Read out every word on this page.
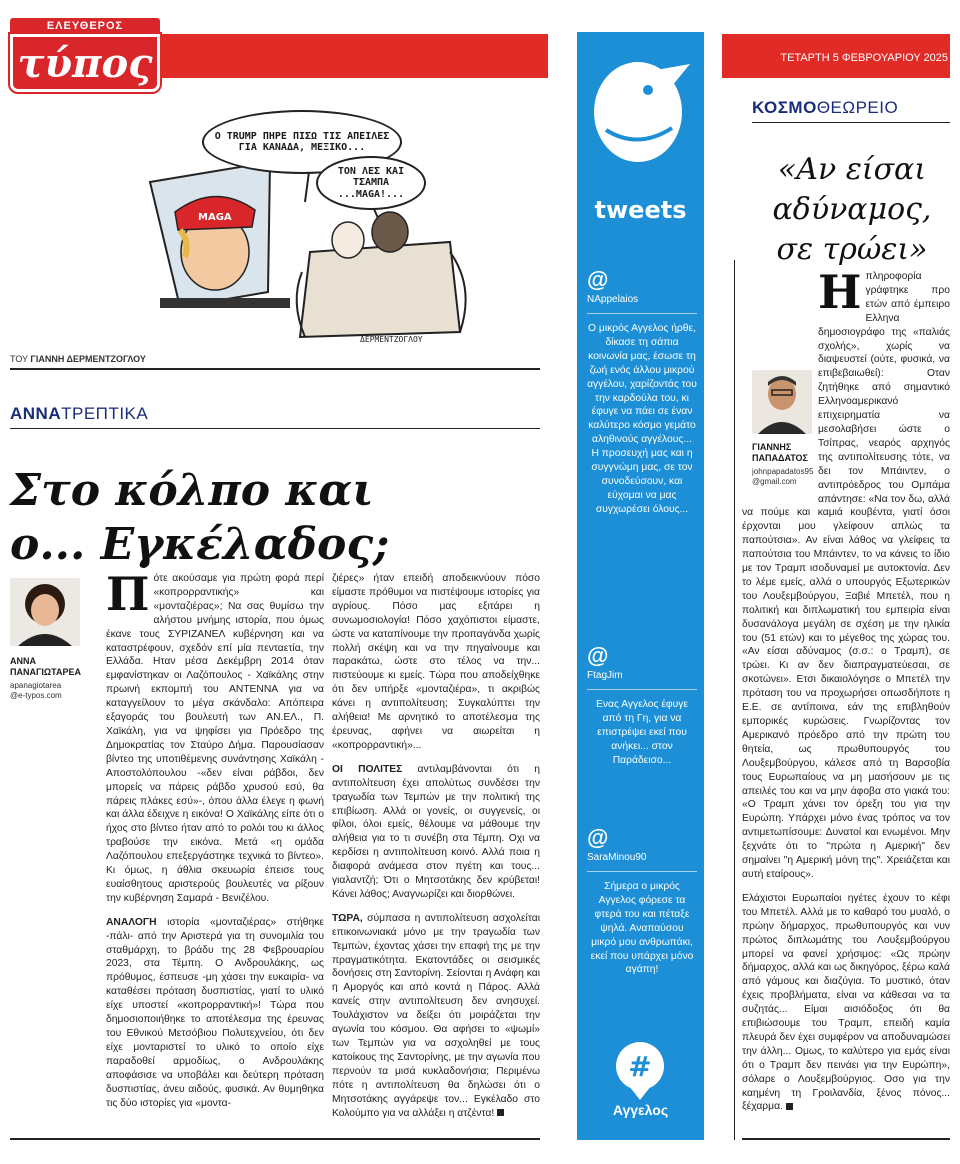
ΕΛΕΥΘΕΡΟΣ
τύπος	ΤΕΤΑΡΤΗ 5 ΦΕΒΡΟΥΑΡΙΟΥ 2025
MAGA
ΔΕΡΜΕΝΤΖΟΓΛΟΥ
Ο TRUMP ΠΗΡΕ ΠΙΣΩ ΤΙΣ ΑΠΕΙΛΕΣ ΓΙΑ ΚΑΝΑΔΑ, ΜΕΞΙΚΟ...
ΤΟΝ ΛΕΣ ΚΑΙ ΤΣΑΜΠΑ ...MAGA!...
ΤΟΥ ΓΙΑΝΝΗ ΔΕΡΜΕΝΤΖΟΓΛΟΥ
ΑΝΝΑΤΡΕΠΤΙΚΑ
Στο κόλπο και
ο... Εγκέλαδος;
ΑΝΝΑ
ΠΑΝΑΓΙΩΤΑΡΕΑ
apanagiotarea
@e-typos.com

Πότε ακούσαμε για πρώτη φορά περί «κοπρορραντικής» και «μονταζιέρας»; Να σας θυμίσω την αλήστου μνήμης ιστορία, που όμως έκανε τους ΣΥΡΙΖΑΝΕΛ κυβέρνηση και να καταστρέφουν, σχεδόν επί μία πενταετία, την Ελλάδα. Ηταν μέσα Δεκέμβρη 2014 όταν εμφανίστηκαν οι Λαζόπουλος - Χαϊκάλης στην πρωινή εκπομπή του ΑΝΤΕΝΝΑ για να καταγγείλουν το μέγα σκάνδαλο: Απόπειρα εξαγοράς του βουλευτή των ΑΝ.ΕΛ., Π. Χαϊκάλη, για να ψηφίσει για Πρόεδρο της Δημοκρατίας τον Σταύρο Δήμα. Παρουσίασαν βίντεο της υποτιθέμενης συνάντησης Χαϊκάλη - Αποστολόπουλου -«δεν είναι ράβδοι, δεν μπορείς να πάρεις ράβδο χρυσού εσύ, θα πάρεις πλάκες εσύ»-, όπου άλλα έλεγε η φωνή και άλλα έδειχνε η εικόνα! Ο Χαϊκάλης είπε ότι ο ήχος στο βίντεο ήταν από το ρολόι του κι άλλος τραβούσε την εικόνα. Μετά «η ομάδα Λαζόπουλου επεξεργάστηκε τεχνικά το βίντεο». Κι όμως, η άθλια σκευωρία έπεισε τους ευαίσθητους αριστερούς βουλευτές να ρίξουν την κυβέρνηση Σαμαρά - Βενιζέλου.

ΑΝΑΛΟΓΗ ιστορία «μονταζιέρας» στήθηκε -πάλι- από την Αριστερά για τη συνομιλία του σταθμάρχη, το βράδυ της 28 Φεβρουαρίου 2023, στα Τέμπη. Ο Ανδρουλάκης, ως πρόθυμος, έσπευσε -μη χάσει την ευκαιρία- να καταθέσει πρόταση δυσπιστίας, γιατί το υλικό είχε υποστεί «κοπρορραντική»! Τώρα που δημοσιοποιήθηκε το αποτέλεσμα της έρευνας του Εθνικού Μετσόβιου Πολυτεχνείου, ότι δεν είχε μονταριστεί το υλικό το οποίο είχε παραδοθεί αρμοδίως, ο Ανδρουλάκης αποφάσισε να υποβάλει και δεύτερη πρόταση δυσπιστίας, άνευ αιδούς, φυσικά. Αν θυμηθηκα τις δύο ιστορίες για «μοντα-

ζιέρες» ήταν επειδή αποδεικνύουν πόσο είμαστε πρόθυμοι να πιστέψουμε ιστορίες για αγρίους. Πόσο μας εξιτάρει η συνωμοσιολογία! Πόσο χαχόπιστοι είμαστε, ώστε να καταπίνουμε την προπαγάνδα χωρίς πολλή σκέψη και να την πηγαίνουμε και παρακάτω, ώστε στο τέλος να την... πιστεύουμε κι εμείς. Τώρα που αποδείχθηκε ότι δεν υπήρξε «μονταζιέρα», τι ακριβώς κάνει η αντιπολίτευση; Συγκαλύπτει την αλήθεια! Με αρνητικό το αποτέλεσμα της έρευνας, αφήνει να αιωρείται η «κοπρορραντική»...

ΟΙ ΠΟΛΙΤΕΣ αντιλαμβάνονται ότι η αντιπολίτευση έχει απολύτως συνδέσει την τραγωδία των Τεμπών με την πολιτική της επιβίωση. Αλλά οι γονείς, οι συγγενείς, οι φίλοι, όλοι εμείς, θέλουμε να μάθουμε την αλήθεια για το τι συνέβη στα Τέμπη. Οχι να κερδίσει η αντιπολίτευση κοινό. Αλλά ποια η διαφορά ανάμεσα στον πγέτη και τους... γιαλαντζή; Ότι ο Μητσοτάκης δεν κρύβεται! Κάνει λάθος; Αναγνωρίζει και διορθώνει.

ΤΩΡΑ, σύμπασα η αντιπολίτευση ασχολείται επικοινωνιακά μόνο με την τραγωδία των Τεμπών, έχοντας χάσει την επαφή της με την πραγματικότητα. Εκατοντάδες οι σεισμικές δονήσεις στη Σαντορίνη. Σείονται η Ανάφη και η Αμοργός και από κοντά η Πάρος. Αλλά κανείς στην αντιπολίτευση δεν ανησυχεί. Τουλάχιστον να δείξει ότι μοιράζεται την αγωνία του κόσμου. Θα αφήσει το «ψωμί» των Τεμπών για να ασχοληθεί με τους κατοίκους της Σαντορίνης, με την αγωνία που περνούν τα μισά κυκλαδονήσια; Περιμένω πότε η αντιπολίτευση θα δηλώσει ότι ο Μητσοτάκης αγγάρεψε τον... Εγκέλαδο στο Κολούμπο για να αλλάξει η ατζέντα!

tweets
@
NAppelaios
Ο μικρός Αγγελος ήρθε, δίκασε τη σάπια κοινωνία μας, έσωσε τη ζωή ενός άλλου μικρού αγγέλου, χαρίζοντάς του την καρδούλα του, κι έφυγε να πάει σε έναν καλύτερο κόσμο γεμάτο αληθινούς αγγέλους... Η προσευχή μας και η συγγνώμη μας, σε τον συνοδεύσουν, και εύχομαι να μας συγχωρέσει όλους...
@
FtagJim
Ενας Αγγελος έφυγε από τη Γη, για να επιστρέψει εκεί που ανήκει... στον Παράδεισο...
@
SaraMinou90
Σήμερα ο μικρός Αγγελος φόρεσε τα φτερά του και πέταξε ψηλά. Αναπαύσου μικρό μου ανθρωπάκι, εκεί που υπάρχει μόνο αγάπη!
#
Αγγελος
ΚΟΣΜΟΘΕΩΡΕΙΟ
«Αν είσαι
αδύναμος,
σε τρώει»
ΓΙΑΝΝΗΣ
ΠΑΠΑΔΑΤΟΣ
johnpapadatos95
@gmail.com

Ηπληροφορία γράφτηκε προ ετών από έμπειρο Ελληνα δημοσιογράφο της «παλιάς σχολής», χωρίς να διαψευστεί (ούτε, φυσικά, να επιβεβαιωθεί): Οταν ζητήθηκε από σημαντικό Ελληνοαμερικανό επιχειρηματία να μεσολαβήσει ώστε ο Τσίπρας, νεαρός αρχηγός της αντιπολίτευσης τότε, να δει τον Μπάιντεν, ο αντιπρόεδρος του Ομπάμα απάντησε: «Να τον δω, αλλά να πούμε και καμιά κουβέντα, γιατί όσοι έρχονται μου γλείφουν απλώς τα παπούτσια». Αν είναι λάθος να γλείφεις τα παπούτσια του Μπάιντεν, το να κάνεις το ίδιο με τον Τραμπ ισοδυναμεί με αυτοκτονία. Δεν το λέμε εμείς, αλλά ο υπουργός Εξωτερικών του Λουξεμβούργου, Ξαβιέ Μπετέλ, που η πολιτική και διπλωματική του εμπειρία είναι δυσανάλογα μεγάλη σε σχέση με την ηλικία του (51 ετών) και το μέγεθος της χώρας του. «Αν είσαι αδύναμος (σ.σ.: ο Τραμπ), σε τρώει. Κι αν δεν διαπραγματεύεσαι, σε σκοτώνει». Ετσι δικαιολόγησε ο Μπετέλ την πρόταση του να προχωρήσει οπωσδήποτε η Ε.Ε. σε αντίποινα, εάν της επιβληθούν εμπορικές κυρώσεις. Γνωρίζοντας τον Αμερικανό πρόεδρο από την πρώτη του θητεία, ως πρωθυπουργός του Λουξεμβούργου, κάλεσε από τη Βαρσοβία τους Ευρωπαίους να μη μασήσουν με τις απειλές του και να μην άφοβα στο γιακά του: «Ο Τραμπ χάνει τον όρεξη του για την Ευρώπη. Υπάρχει μόνο ένας τρόπος να τον αντιμετωπίσουμε: Δυνατοί και ενωμένοι. Μην ξεχνάτε ότι το "πρώτα η Αμερική" δεν σημαίνει "η Αμερική μόνη της". Χρειάζεται και αυτή εταίρους».

Ελάχιστοι Ευρωπαίοι ηγέτες έχουν το κέφι του Μπετέλ. Αλλά με το καθαρό του μυαλό, ο πρώην δήμαρχος, πρωθυπουργός και νυν πρώτος διπλωμάτης του Λουξεμβούργου μπορεί να φανεί χρήσιμος: «Ως πρώην δήμαρχος, αλλά και ως δικηγόρος, ξέρω καλά από γάμους και διαζύγια. Το μυστικό, όταν έχεις προβλήματα, είναι να κάθεσαι να τα συζητάς... Είμαι αισιόδοξος ότι θα επιβιώσουμε του Τραμπ, επειδή καμία πλευρά δεν έχει συμφέρον να αποδυναμώσει την άλλη... Ομως, το καλύτερο για εμάς είναι ότι ο Τραμπ δεν πεινάει για την Ευρώπη», σόλαρε ο Λουξεμβούργιος. Οσο για την καημένη τη Γροιλανδία, ξένος πόνος... ξέχαρμα.
